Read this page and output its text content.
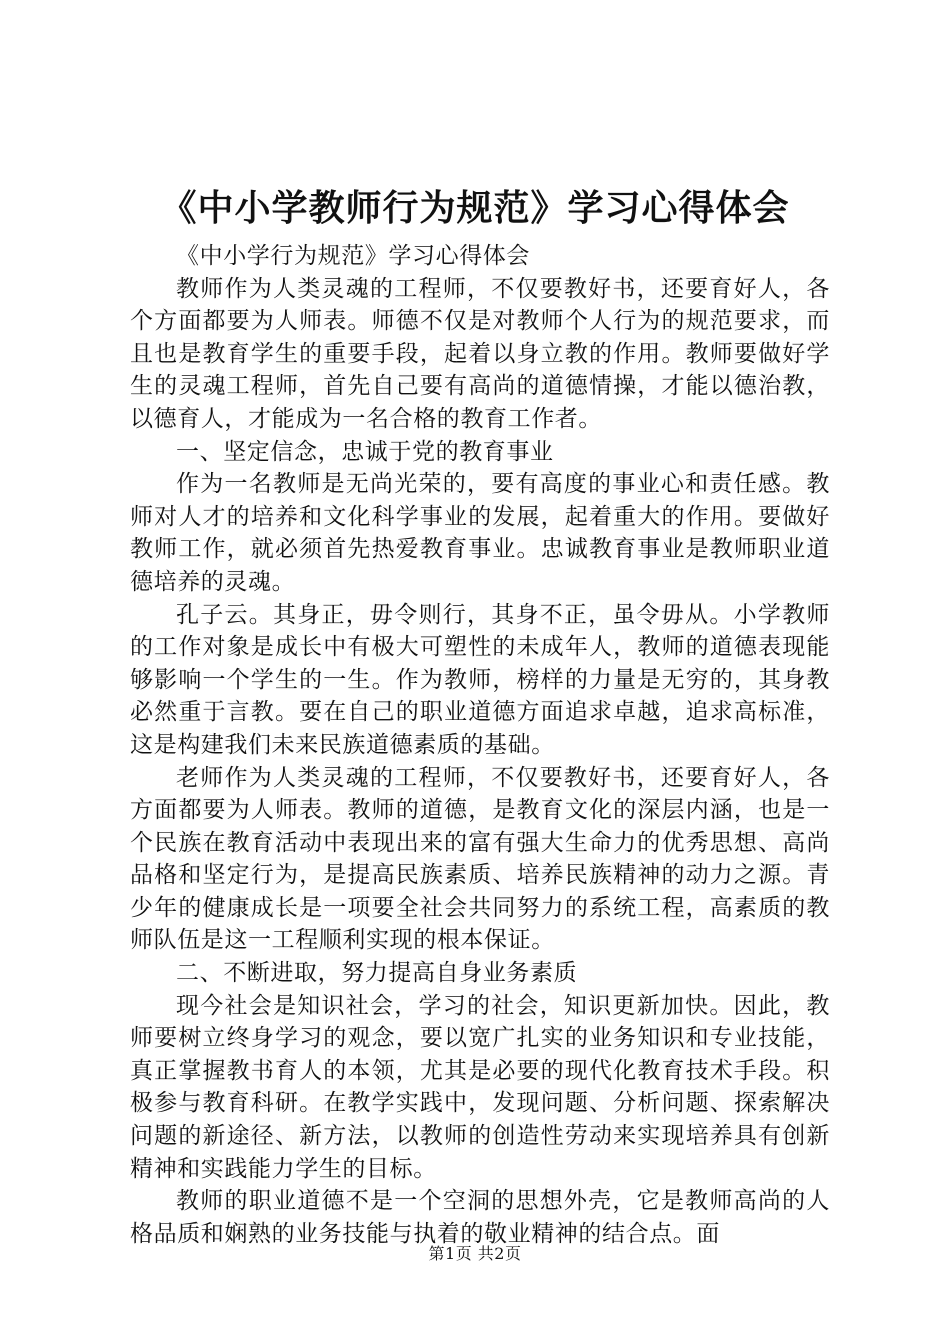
《中小学教师行为规范》学习心得体会

《中小学行为规范》学习心得体会

教师作为人类灵魂的工程师，不仅要教好书，还要育好人，各个方面都要为人师表。师德不仅是对教师个人行为的规范要求，而且也是教育学生的重要手段，起着以身立教的作用。教师要做好学生的灵魂工程师，首先自己要有高尚的道德情操，才能以德治教，以德育人，才能成为一名合格的教育工作者。

一、坚定信念，忠诚于党的教育事业

作为一名教师是无尚光荣的，要有高度的事业心和责任感。教师对人才的培养和文化科学事业的发展，起着重大的作用。要做好教师工作，就必须首先热爱教育事业。忠诚教育事业是教师职业道德培养的灵魂。

孔子云。其身正，毋令则行，其身不正，虽令毋从。小学教师的工作对象是成长中有极大可塑性的未成年人，教师的道德表现能够影响一个学生的一生。作为教师，榜样的力量是无穷的，其身教必然重于言教。要在自己的职业道德方面追求卓越，追求高标准，这是构建我们未来民族道德素质的基础。

老师作为人类灵魂的工程师，不仅要教好书，还要育好人，各方面都要为人师表。教师的道德，是教育文化的深层内涵，也是一个民族在教育活动中表现出来的富有强大生命力的优秀思想、高尚品格和坚定行为，是提高民族素质、培养民族精神的动力之源。青少年的健康成长是一项要全社会共同努力的系统工程，高素质的教师队伍是这一工程顺利实现的根本保证。

二、不断进取，努力提高自身业务素质

现今社会是知识社会，学习的社会，知识更新加快。因此，教师要树立终身学习的观念，要以宽广扎实的业务知识和专业技能，真正掌握教书育人的本领，尤其是必要的现代化教育技术手段。积极参与教育科研。在教学实践中，发现问题、分析问题、探索解决问题的新途径、新方法，以教师的创造性劳动来实现培养具有创新精神和实践能力学生的目标。

教师的职业道德不是一个空洞的思想外壳，它是教师高尚的人格品质和娴熟的业务技能与执着的敬业精神的结合点。面

第1页 共2页
